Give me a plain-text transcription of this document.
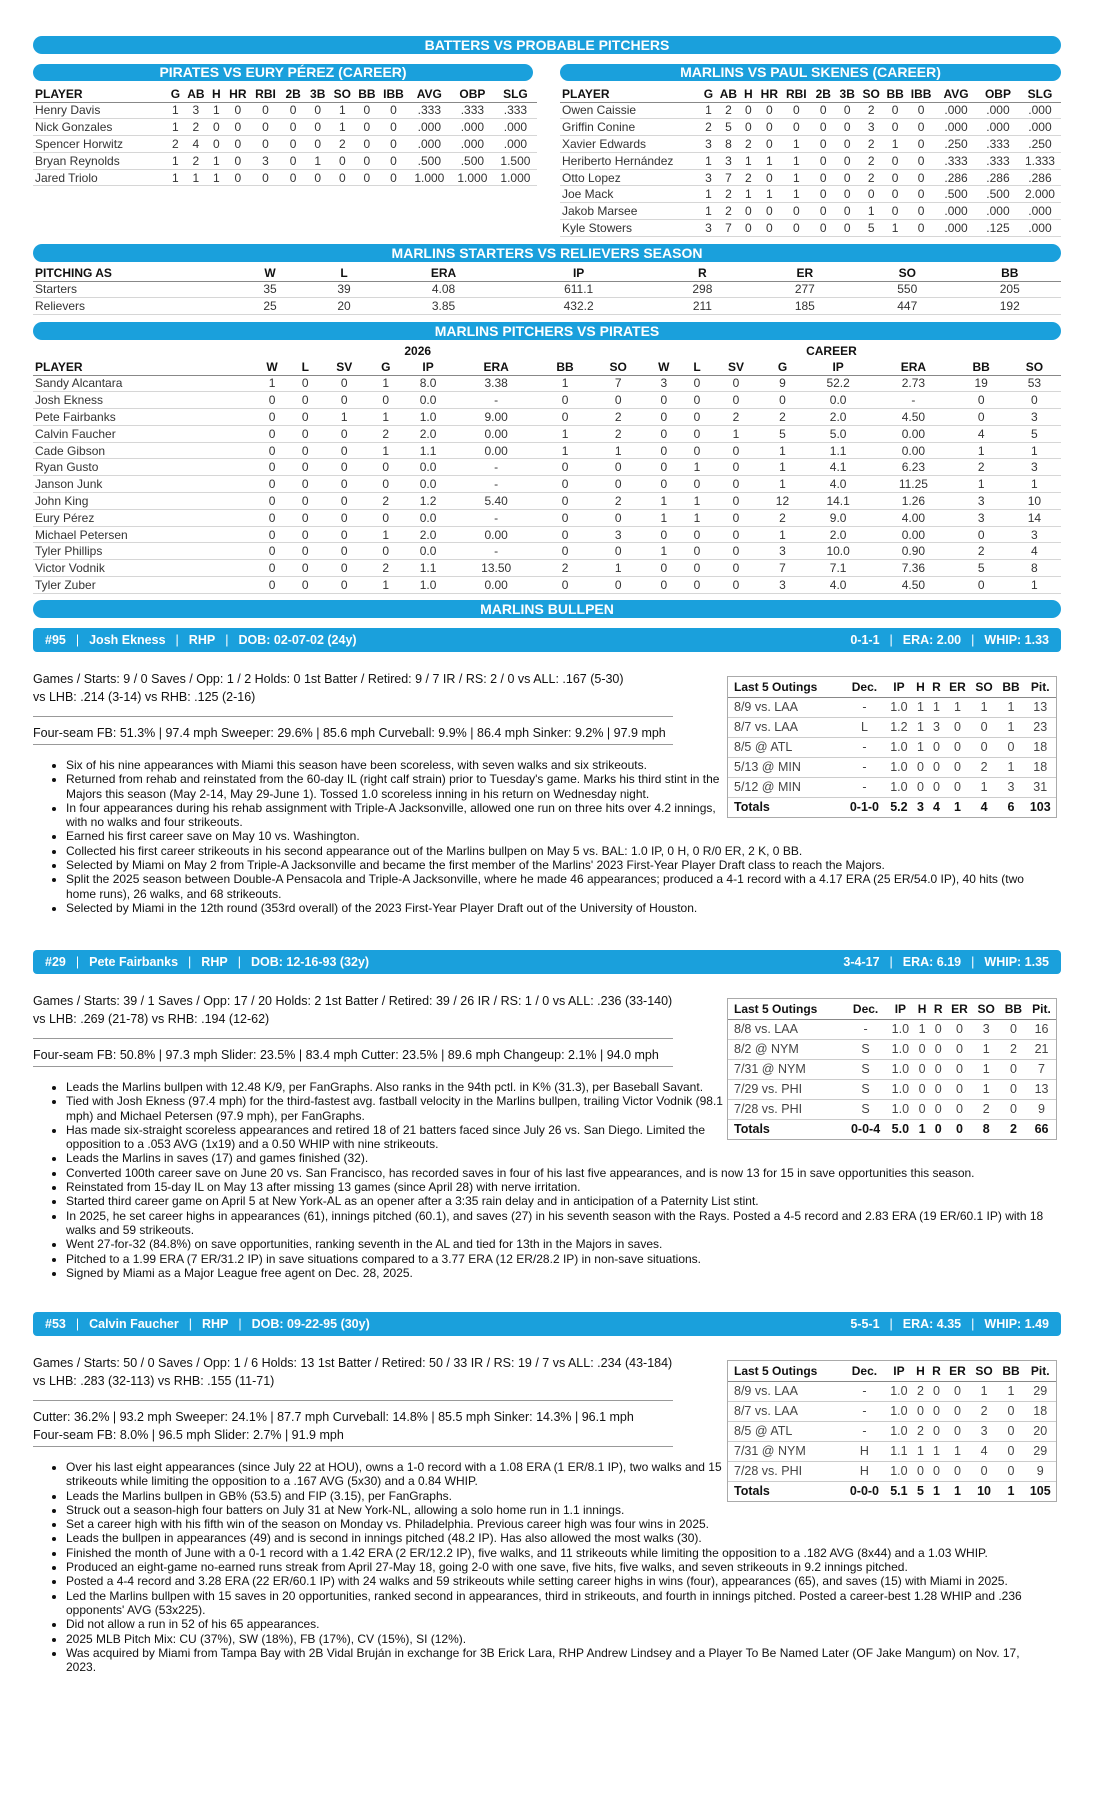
BATTERS VS PROBABLE PITCHERS
PIRATES VS EURY PÉREZ (CAREER)	MARLINS VS PAUL SKENES (CAREER)
PLAYER	G	AB	H	HR	RBI	2B	3B	SO	BB	IBB	AVG	OBP	SLG
Henry Davis	1	3	1	0	0	0	0	1	0	0	.333	.333	.333
Nick Gonzales	1	2	0	0	0	0	0	1	0	0	.000	.000	.000
Spencer Horwitz	2	4	0	0	0	0	0	2	0	0	.000	.000	.000
Bryan Reynolds	1	2	1	0	3	0	1	0	0	0	.500	.500	1.500
Jared Triolo	1	1	1	0	0	0	0	0	0	0	1.000	1.000	1.000
PLAYER	G	AB	H	HR	RBI	2B	3B	SO	BB	IBB	AVG	OBP	SLG
Owen Caissie	1	2	0	0	0	0	0	2	0	0	.000	.000	.000
Griffin Conine	2	5	0	0	0	0	0	3	0	0	.000	.000	.000
Xavier Edwards	3	8	2	0	1	0	0	2	1	0	.250	.333	.250
Heriberto Hernández	1	3	1	1	1	0	0	2	0	0	.333	.333	1.333
Otto Lopez	3	7	2	0	1	0	0	2	0	0	.286	.286	.286
Joe Mack	1	2	1	1	1	0	0	0	0	0	.500	.500	2.000
Jakob Marsee	1	2	0	0	0	0	0	1	0	0	.000	.000	.000
Kyle Stowers	3	7	0	0	0	0	0	5	1	0	.000	.125	.000
MARLINS STARTERS VS RELIEVERS SEASON
PITCHING AS	W	L	ERA	IP	R	ER	SO	BB
Starters	35	39	4.08	611.1	298	277	550	205
Relievers	25	20	3.85	432.2	211	185	447	192
MARLINS PITCHERS VS PIRATES
					2026								CAREER			
PLAYER	W	L	SV	G	IP	ERA	BB	SO	W	L	SV	G	IP	ERA	BB	SO
Sandy Alcantara	1	0	0	1	8.0	3.38	1	7	3	0	0	9	52.2	2.73	19	53
Josh Ekness	0	0	0	0	0.0	-	0	0	0	0	0	0	0.0	-	0	0
Pete Fairbanks	0	0	1	1	1.0	9.00	0	2	0	0	2	2	2.0	4.50	0	3
Calvin Faucher	0	0	0	2	2.0	0.00	1	2	0	0	1	5	5.0	0.00	4	5
Cade Gibson	0	0	0	1	1.1	0.00	1	1	0	0	0	1	1.1	0.00	1	1
Ryan Gusto	0	0	0	0	0.0	-	0	0	0	1	0	1	4.1	6.23	2	3
Janson Junk	0	0	0	0	0.0	-	0	0	0	0	0	1	4.0	11.25	1	1
John King	0	0	0	2	1.2	5.40	0	2	1	1	0	12	14.1	1.26	3	10
Eury Pérez	0	0	0	0	0.0	-	0	0	1	1	0	2	9.0	4.00	3	14
Michael Petersen	0	0	0	1	2.0	0.00	0	3	0	0	0	1	2.0	0.00	0	3
Tyler Phillips	0	0	0	0	0.0	-	0	0	1	0	0	3	10.0	0.90	2	4
Victor Vodnik	0	0	0	2	1.1	13.50	2	1	0	0	0	7	7.1	7.36	5	8
Tyler Zuber	0	0	0	1	1.0	0.00	0	0	0	0	0	3	4.0	4.50	0	1
MARLINS BULLPEN
#95 | Josh Ekness | RHP | DOB: 02-07-02 (24y)	0-1-1 | ERA: 2.00 | WHIP: 1.33
Games / Starts: 9 / 0 Saves / Opp: 1 / 2 Holds: 0 1st Batter / Retired: 9 / 7 IR / RS: 2 / 0 vs ALL: .167 (5-30)
vs LHB: .214 (3-14) vs RHB: .125 (2-16)
Four-seam FB: 51.3% | 97.4 mph Sweeper: 29.6% | 85.6 mph Curveball: 9.9% | 86.4 mph Sinker: 9.2% | 97.9 mph
Last 5 Outings	Dec.	IP	H	R	ER	SO	BB	Pit.
8/9 vs. LAA	-	1.0	1	1	1	1	1	13
8/7 vs. LAA	L	1.2	1	3	0	0	1	23
8/5 @ ATL	-	1.0	1	0	0	0	0	18
5/13 @ MIN	-	1.0	0	0	0	2	1	18
5/12 @ MIN	-	1.0	0	0	0	1	3	31
Totals	0-1-0	5.2	3	4	1	4	6	103
• Six of his nine appearances with Miami this season have been scoreless, with seven walks and six strikeouts.
• Returned from rehab and reinstated from the 60-day IL (right calf strain) prior to Tuesday's game. Marks his third stint in the Majors this season (May 2-14, May 29-June 1). Tossed 1.0 scoreless inning in his return on Wednesday night.
• In four appearances during his rehab assignment with Triple-A Jacksonville, allowed one run on three hits over 4.2 innings, with no walks and four strikeouts.
• Earned his first career save on May 10 vs. Washington.
• Collected his first career strikeouts in his second appearance out of the Marlins bullpen on May 5 vs. BAL: 1.0 IP, 0 H, 0 R/0 ER, 2 K, 0 BB.
• Selected by Miami on May 2 from Triple-A Jacksonville and became the first member of the Marlins' 2023 First-Year Player Draft class to reach the Majors.
• Split the 2025 season between Double-A Pensacola and Triple-A Jacksonville, where he made 46 appearances; produced a 4-1 record with a 4.17 ERA (25 ER/54.0 IP), 40 hits (two home runs), 26 walks, and 68 strikeouts.
• Selected by Miami in the 12th round (353rd overall) of the 2023 First-Year Player Draft out of the University of Houston.
#29 | Pete Fairbanks | RHP | DOB: 12-16-93 (32y)	3-4-17 | ERA: 6.19 | WHIP: 1.35
Games / Starts: 39 / 1 Saves / Opp: 17 / 20 Holds: 2 1st Batter / Retired: 39 / 26 IR / RS: 1 / 0 vs ALL: .236 (33-140)
vs LHB: .269 (21-78) vs RHB: .194 (12-62)
Four-seam FB: 50.8% | 97.3 mph Slider: 23.5% | 83.4 mph Cutter: 23.5% | 89.6 mph Changeup: 2.1% | 94.0 mph
Last 5 Outings	Dec.	IP	H	R	ER	SO	BB	Pit.
8/8 vs. LAA	-	1.0	1	0	0	3	0	16
8/2 @ NYM	S	1.0	0	0	0	1	2	21
7/31 @ NYM	S	1.0	0	0	0	1	0	7
7/29 vs. PHI	S	1.0	0	0	0	1	0	13
7/28 vs. PHI	S	1.0	0	0	0	2	0	9
Totals	0-0-4	5.0	1	0	0	8	2	66
• Leads the Marlins bullpen with 12.48 K/9, per FanGraphs. Also ranks in the 94th pctl. in K% (31.3), per Baseball Savant.
• Tied with Josh Ekness (97.4 mph) for the third-fastest avg. fastball velocity in the Marlins bullpen, trailing Victor Vodnik (98.1 mph) and Michael Petersen (97.9 mph), per FanGraphs.
• Has made six-straight scoreless appearances and retired 18 of 21 batters faced since July 26 vs. San Diego. Limited the opposition to a .053 AVG (1x19) and a 0.50 WHIP with nine strikeouts.
• Leads the Marlins in saves (17) and games finished (32).
• Converted 100th career save on June 20 vs. San Francisco, has recorded saves in four of his last five appearances, and is now 13 for 15 in save opportunities this season.
• Reinstated from 15-day IL on May 13 after missing 13 games (since April 28) with nerve irritation.
• Started third career game on April 5 at New York-AL as an opener after a 3:35 rain delay and in anticipation of a Paternity List stint.
• In 2025, he set career highs in appearances (61), innings pitched (60.1), and saves (27) in his seventh season with the Rays. Posted a 4-5 record and 2.83 ERA (19 ER/60.1 IP) with 18 walks and 59 strikeouts.
• Went 27-for-32 (84.8%) on save opportunities, ranking seventh in the AL and tied for 13th in the Majors in saves.
• Pitched to a 1.99 ERA (7 ER/31.2 IP) in save situations compared to a 3.77 ERA (12 ER/28.2 IP) in non-save situations.
• Signed by Miami as a Major League free agent on Dec. 28, 2025.
#53 | Calvin Faucher | RHP | DOB: 09-22-95 (30y)	5-5-1 | ERA: 4.35 | WHIP: 1.49
Games / Starts: 50 / 0 Saves / Opp: 1 / 6 Holds: 13 1st Batter / Retired: 50 / 33 IR / RS: 19 / 7 vs ALL: .234 (43-184)
vs LHB: .283 (32-113) vs RHB: .155 (11-71)
Cutter: 36.2% | 93.2 mph Sweeper: 24.1% | 87.7 mph Curveball: 14.8% | 85.5 mph Sinker: 14.3% | 96.1 mph
Four-seam FB: 8.0% | 96.5 mph Slider: 2.7% | 91.9 mph
Last 5 Outings	Dec.	IP	H	R	ER	SO	BB	Pit.
8/9 vs. LAA	-	1.0	2	0	0	1	1	29
8/7 vs. LAA	-	1.0	0	0	0	2	0	18
8/5 @ ATL	-	1.0	2	0	0	3	0	20
7/31 @ NYM	H	1.1	1	1	1	4	0	29
7/28 vs. PHI	H	1.0	0	0	0	0	0	9
Totals	0-0-0	5.1	5	1	1	10	1	105
• Over his last eight appearances (since July 22 at HOU), owns a 1-0 record with a 1.08 ERA (1 ER/8.1 IP), two walks and 15 strikeouts while limiting the opposition to a .167 AVG (5x30) and a 0.84 WHIP.
• Leads the Marlins bullpen in GB% (53.5) and FIP (3.15), per FanGraphs.
• Struck out a season-high four batters on July 31 at New York-NL, allowing a solo home run in 1.1 innings.
• Set a career high with his fifth win of the season on Monday vs. Philadelphia. Previous career high was four wins in 2025.
• Leads the bullpen in appearances (49) and is second in innings pitched (48.2 IP). Has also allowed the most walks (30).
• Finished the month of June with a 0-1 record with a 1.42 ERA (2 ER/12.2 IP), five walks, and 11 strikeouts while limiting the opposition to a .182 AVG (8x44) and a 1.03 WHIP.
• Produced an eight-game no-earned runs streak from April 27-May 18, going 2-0 with one save, five hits, five walks, and seven strikeouts in 9.2 innings pitched.
• Posted a 4-4 record and 3.28 ERA (22 ER/60.1 IP) with 24 walks and 59 strikeouts while setting career highs in wins (four), appearances (65), and saves (15) with Miami in 2025.
• Led the Marlins bullpen with 15 saves in 20 opportunities, ranked second in appearances, third in strikeouts, and fourth in innings pitched. Posted a career-best 1.28 WHIP and .236 opponents' AVG (53x225).
• Did not allow a run in 52 of his 65 appearances.
• 2025 MLB Pitch Mix: CU (37%), SW (18%), FB (17%), CV (15%), SI (12%).
• Was acquired by Miami from Tampa Bay with 2B Vidal Bruján in exchange for 3B Erick Lara, RHP Andrew Lindsey and a Player To Be Named Later (OF Jake Mangum) on Nov. 17, 2023.
